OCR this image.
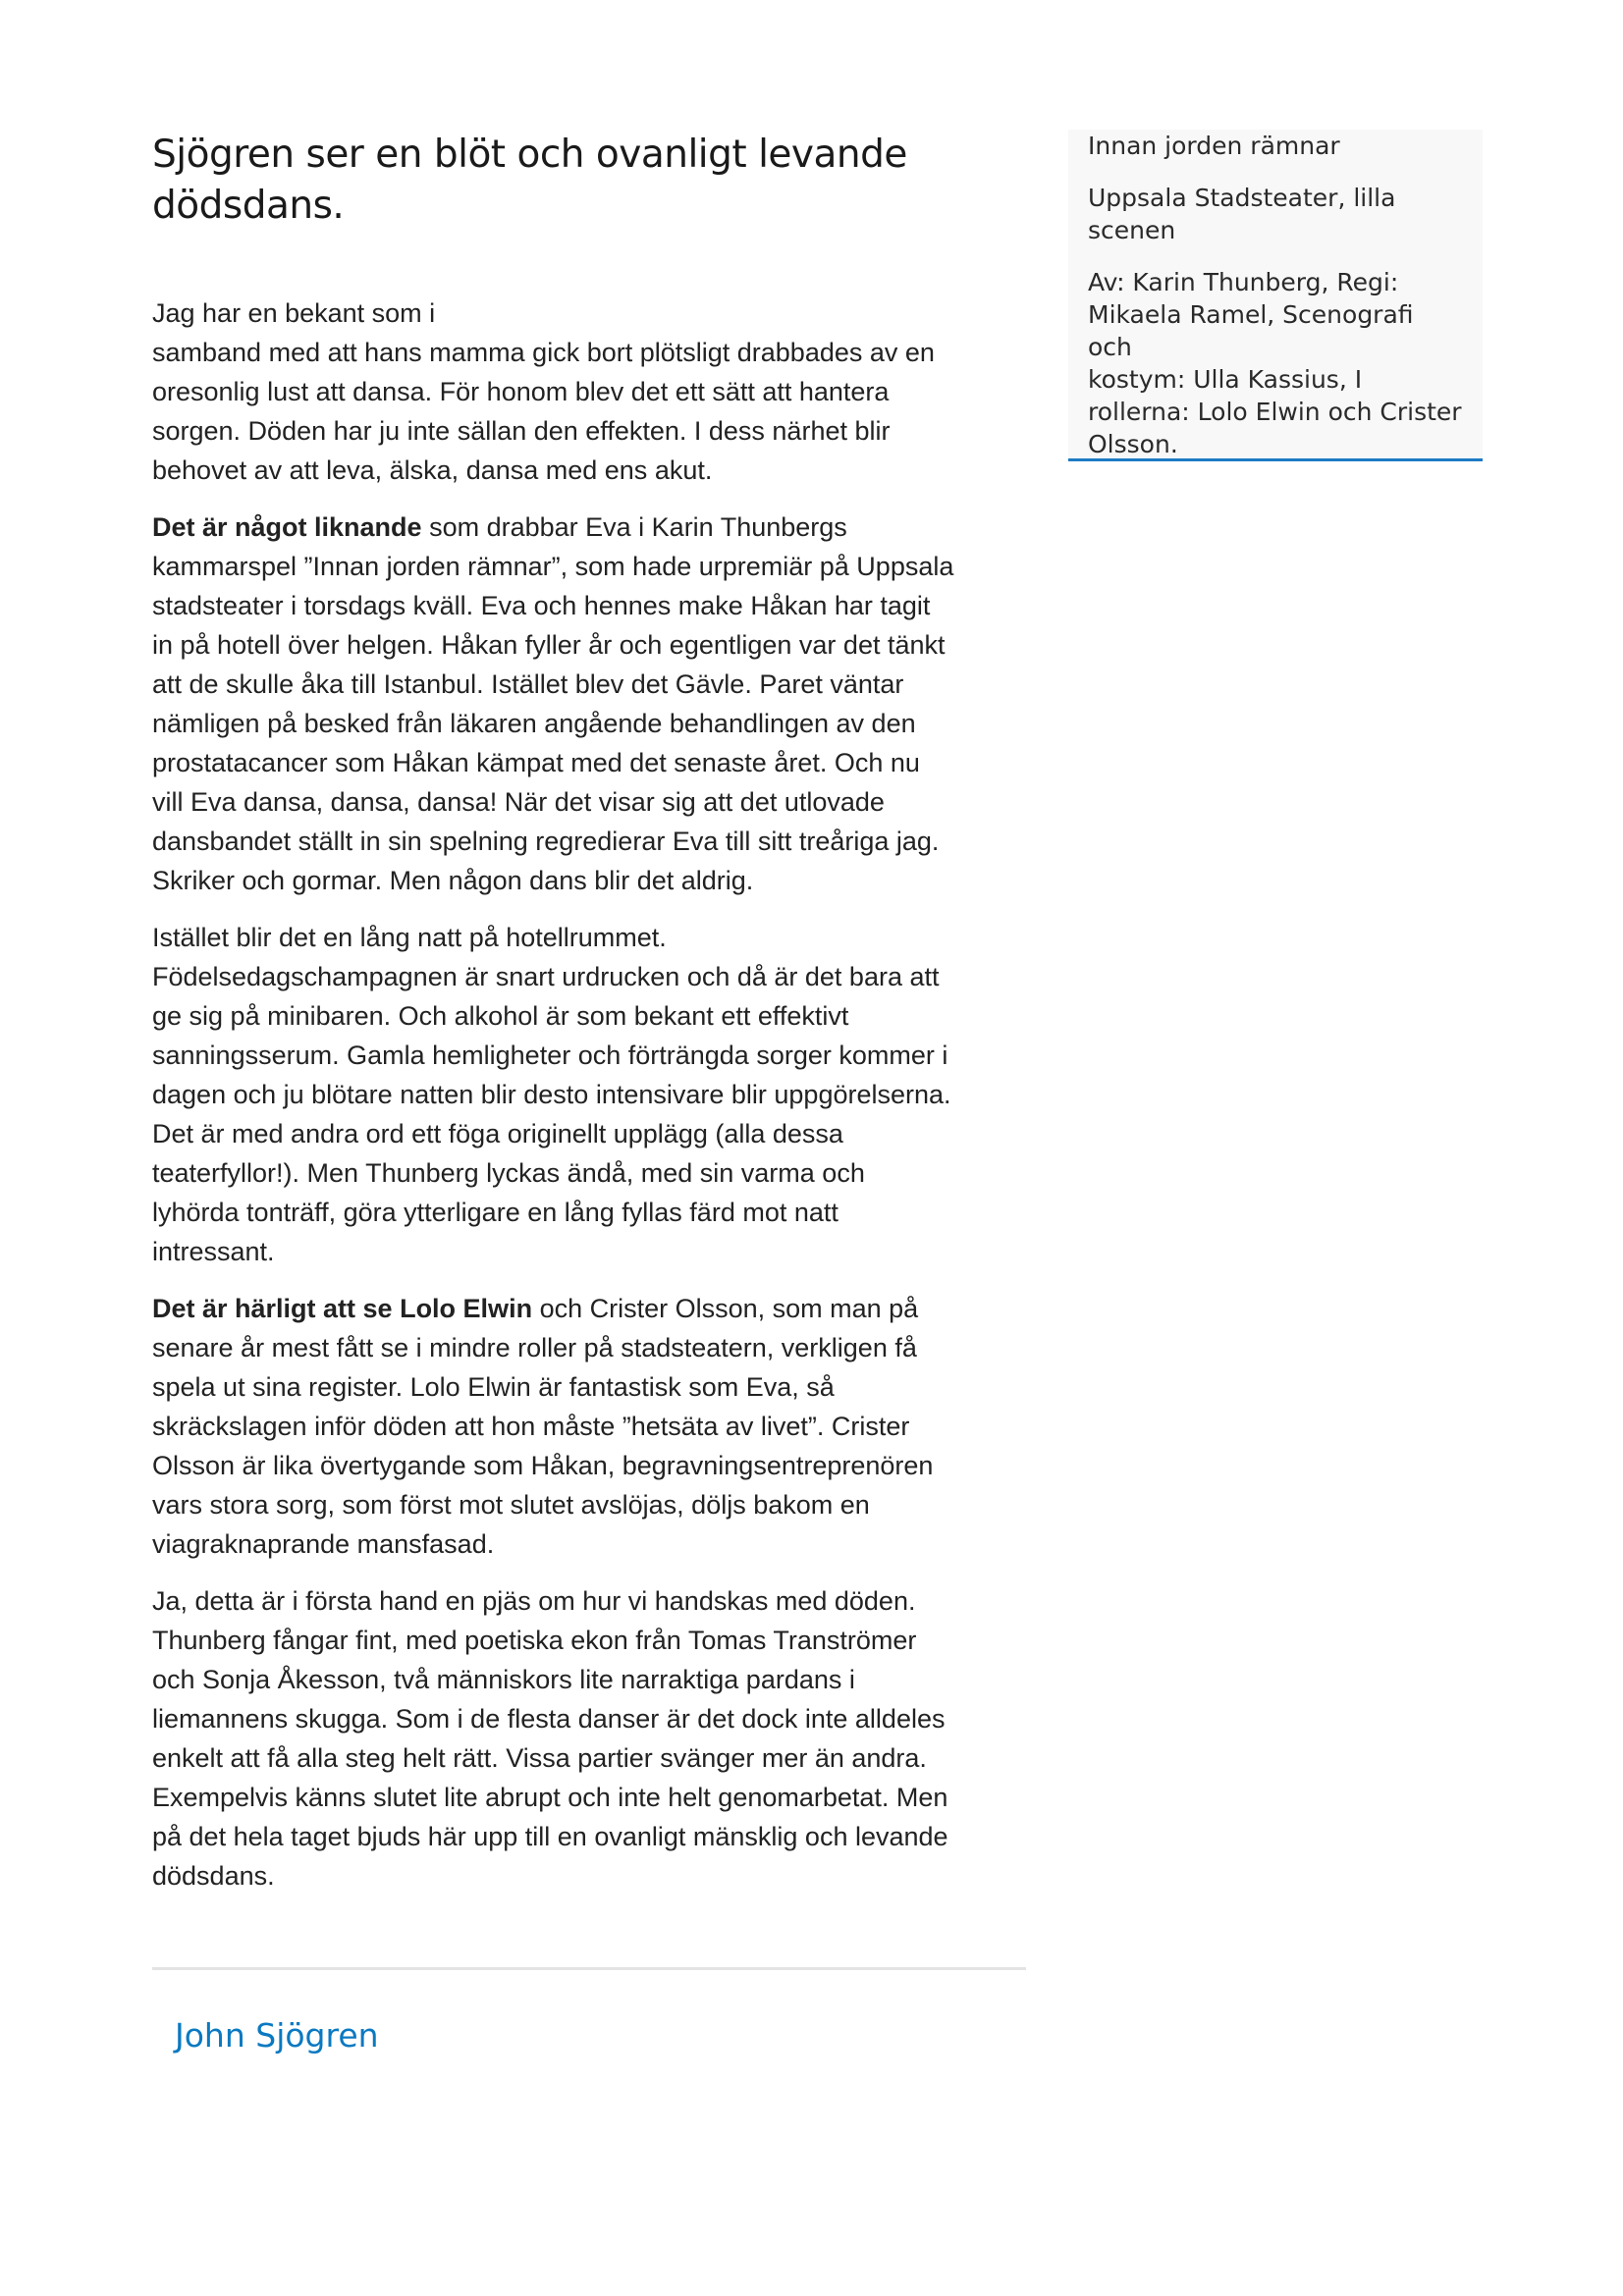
Sjögren ser en blöt och ovanligt levande
dödsdans.

Jag har en bekant som i
samband med att hans mamma gick bort plötsligt drabbades av en
oresonlig lust att dansa. För honom blev det ett sätt att hantera
sorgen. Döden har ju inte sällan den effekten. I dess närhet blir
behovet av att leva, älska, dansa med ens akut.

Det är något liknande som drabbar Eva i Karin Thunbergs
kammarspel ”Innan jorden rämnar”, som hade urpremiär på Uppsala
stadsteater i torsdags kväll. Eva och hennes make Håkan har tagit
in på hotell över helgen. Håkan fyller år och egentligen var det tänkt
att de skulle åka till Istanbul. Istället blev det Gävle. Paret väntar
nämligen på besked från läkaren angående behandlingen av den
prostatacancer som Håkan kämpat med det senaste året. Och nu
vill Eva dansa, dansa, dansa! När det visar sig att det utlovade
dansbandet ställt in sin spelning regredierar Eva till sitt treåriga jag.
Skriker och gormar. Men någon dans blir det aldrig.

Istället blir det en lång natt på hotellrummet.
Födelsedagschampagnen är snart urdrucken och då är det bara att
ge sig på minibaren. Och alkohol är som bekant ett effektivt
sanningsserum. Gamla hemligheter och förträngda sorger kommer i
dagen och ju blötare natten blir desto intensivare blir uppgörelserna.
Det är med andra ord ett föga originellt upplägg (alla dessa
teaterfyllor!). Men Thunberg lyckas ändå, med sin varma och
lyhörda tonträff, göra ytterligare en lång fyllas färd mot natt
intressant.

Det är härligt att se Lolo Elwin och Crister Olsson, som man på
senare år mest fått se i mindre roller på stadsteatern, verkligen få
spela ut sina register. Lolo Elwin är fantastisk som Eva, så
skräckslagen inför döden att hon måste ”hetsäta av livet”. Crister
Olsson är lika övertygande som Håkan, begravningsentreprenören
vars stora sorg, som först mot slutet avslöjas, döljs bakom en
viagraknaprande mansfasad.

Ja, detta är i första hand en pjäs om hur vi handskas med döden.
Thunberg fångar fint, med poetiska ekon från Tomas Tranströmer
och Sonja Åkesson, två människors lite narraktiga pardans i
liemannens skugga. Som i de flesta danser är det dock inte alldeles
enkelt att få alla steg helt rätt. Vissa partier svänger mer än andra.
Exempelvis känns slutet lite abrupt och inte helt genomarbetat. Men
på det hela taget bjuds här upp till en ovanligt mänsklig och levande
dödsdans.

John Sjögren

Innan jorden rämnar

Uppsala Stadsteater, lilla
scenen

Av: Karin Thunberg, Regi:
Mikaela Ramel, Scenografi och
kostym: Ulla Kassius, I
rollerna: Lolo Elwin och Crister
Olsson.
